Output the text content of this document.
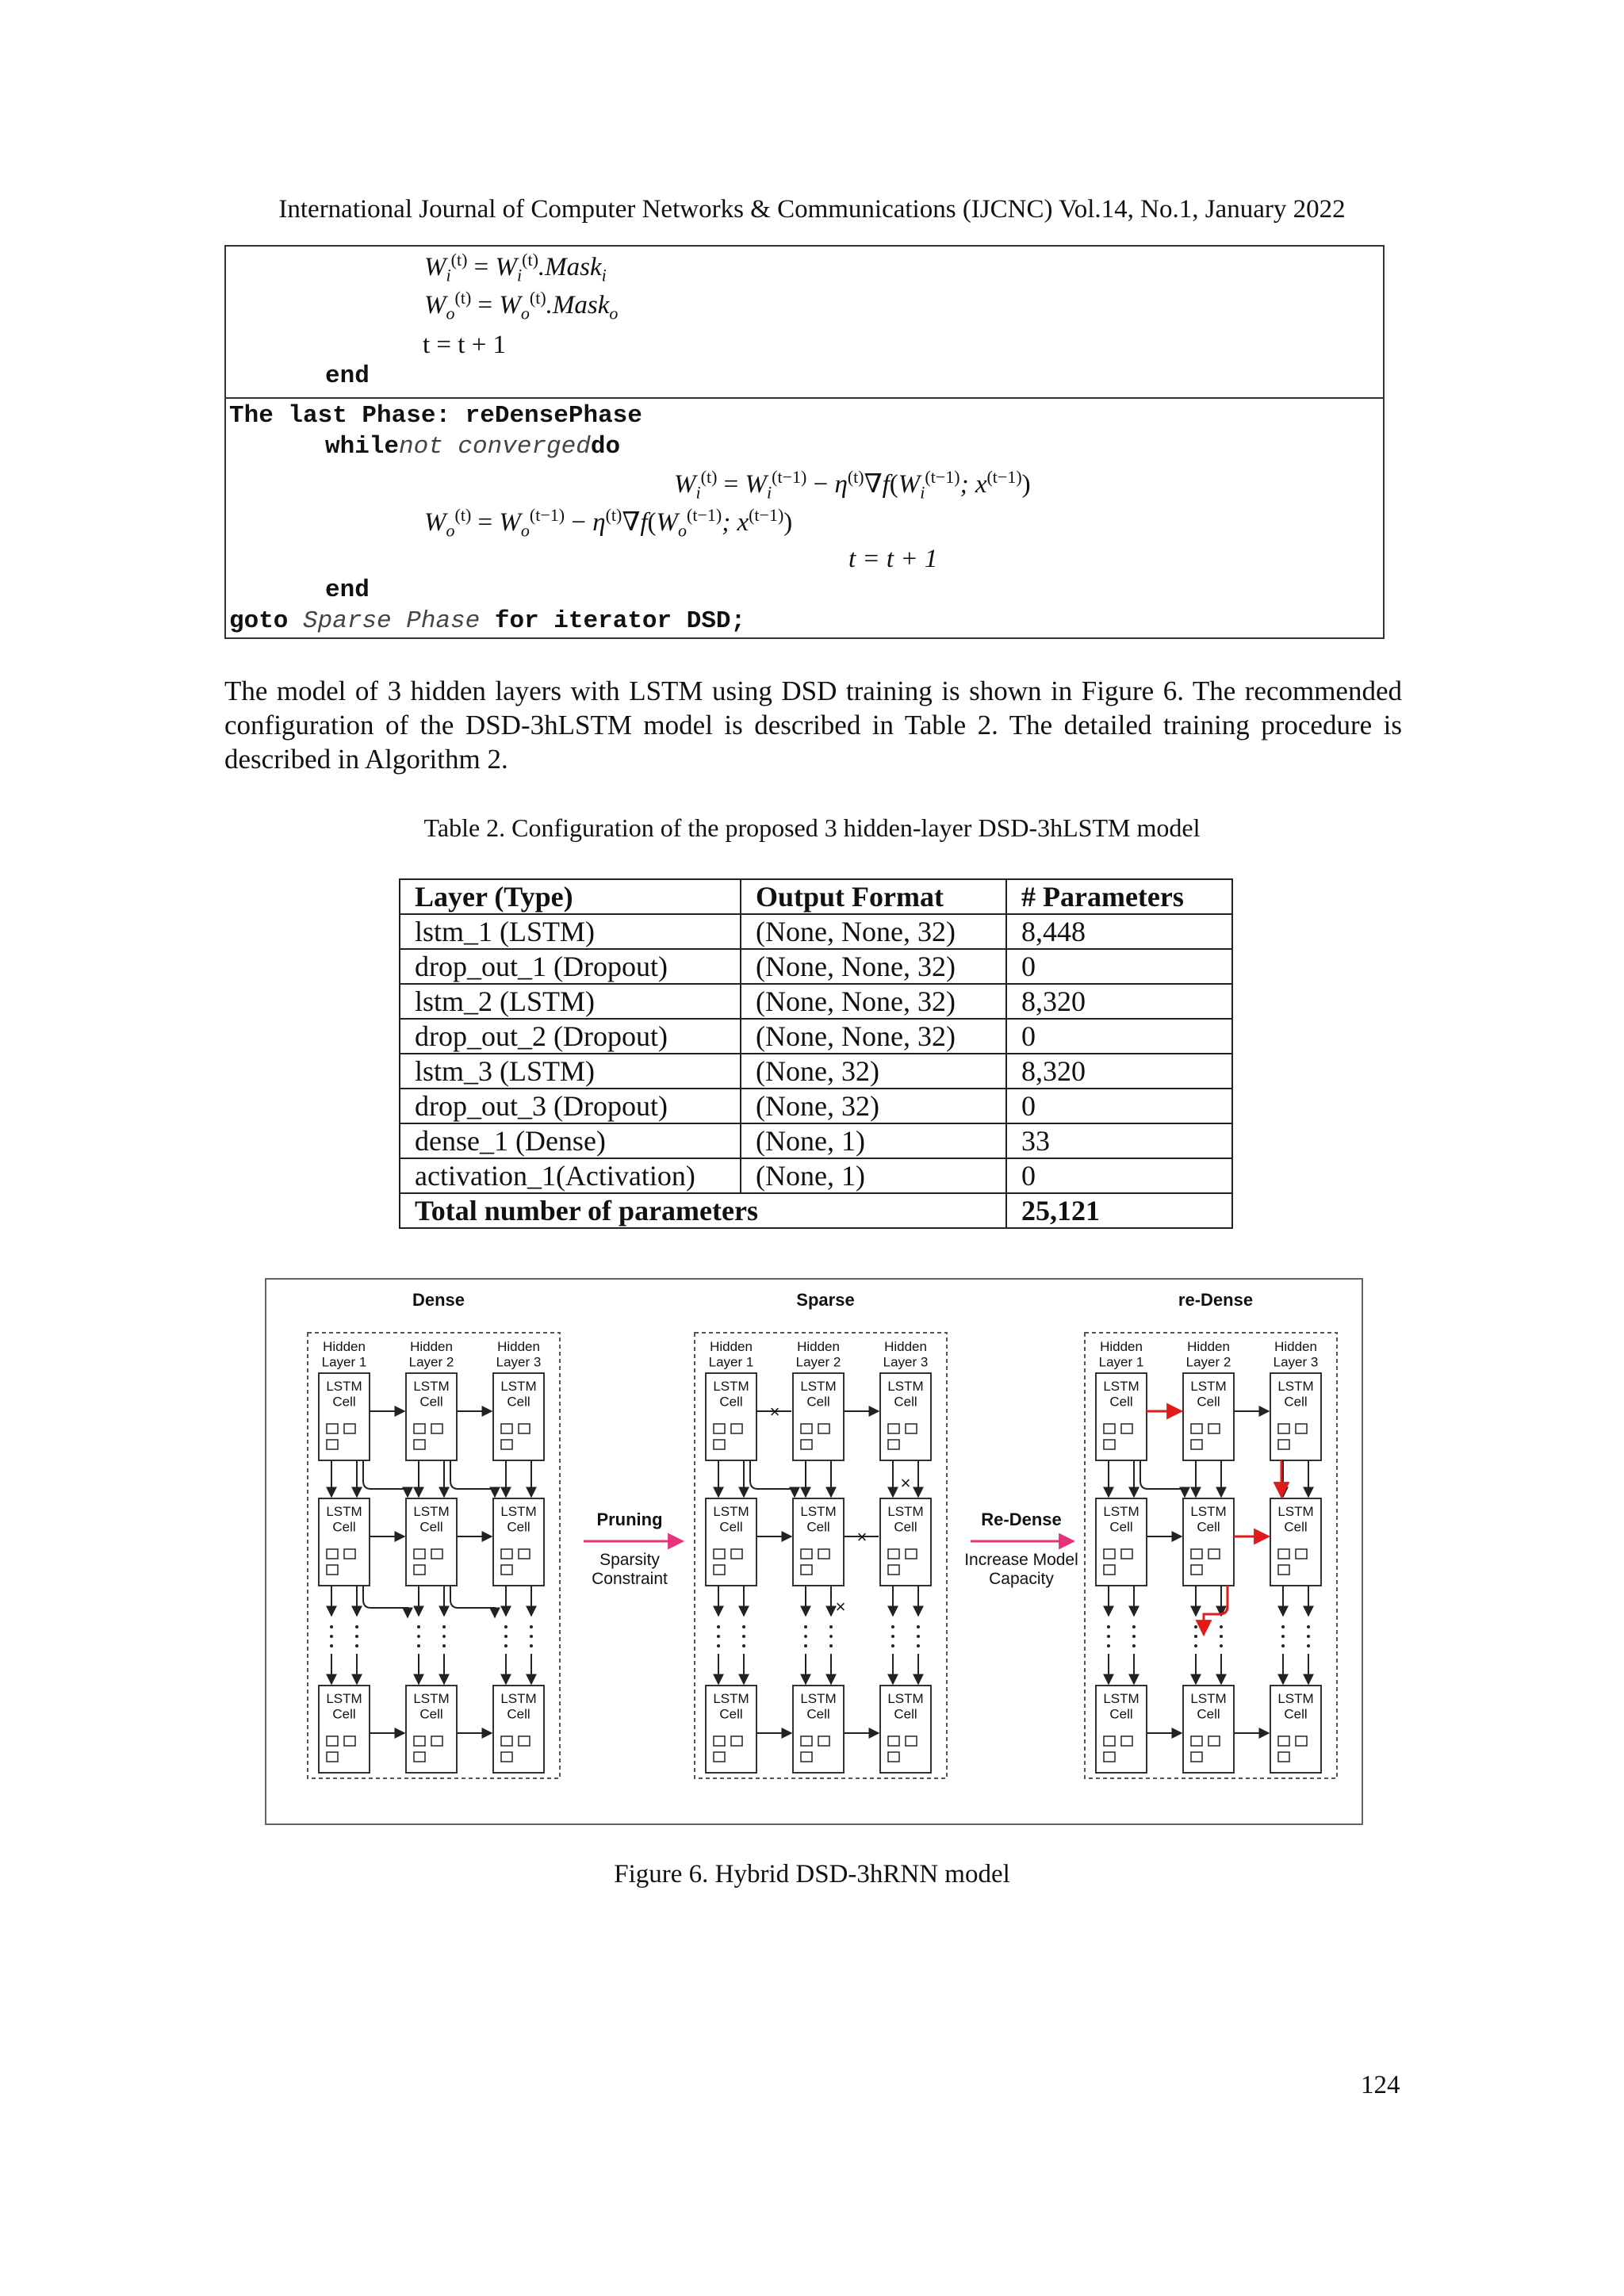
International Journal of Computer Networks & Communications (IJCNC) Vol.14, No.1, January 2022
$W_i^{(t)}$ = $W_i^{(t)}.Mask_i$
$W_o^{(t)}$ = $W_o^{(t)}.Mask_o$
t = t + 1
end
The last Phase: reDensePhase
whilenot convergeddo
$W_i^{(t)} = W_i^{(t-1)} - \eta^{(t)}\nabla f(W_i^{(t-1)}$; $x^{(t-1)}$)
$W_o^{(t)} = W_o^{(t-1)} - \eta^{(t)}\nabla f(W_o^{(t-1)}$; $x^{(t-1)}$)
t = t + 1
end
goto Sparse Phase for iterator DSD;
The model of 3 hidden layers with LSTM using DSD training is shown in Figure 6. The recommended configuration of the DSD-3hLSTM model is described in Table 2. The detailed training procedure is described in Algorithm 2.
Table 2. Configuration of the proposed 3 hidden-layer DSD-3hLSTM model
Layer (Type)	Output Format	# Parameters
lstm_1 (LSTM)	(None, None, 32)	8,448
drop_out_1 (Dropout)	(None, None, 32)	0
lstm_2 (LSTM)	(None, None, 32)	8,320
drop_out_2 (Dropout)	(None, None, 32)	0
lstm_3 (LSTM)	(None, 32)	8,320
drop_out_3 (Dropout)	(None, 32)	0
dense_1 (Dense)	(None, 1)	33
activation_1(Activation)	(None, 1)	0
Total number of parameters		25,121
Dense
Hidden
Layer 1
LSTM
Cell
LSTM
Cell
LSTM
Cell
Hidden
Layer 2
LSTM
Cell
LSTM
Cell
LSTM
Cell
Hidden
Layer 3
LSTM
Cell
LSTM
Cell
LSTM
Cell
Sparse
Hidden
Layer 1
LSTM
Cell
LSTM
Cell
LSTM
Cell
Hidden
Layer 2
LSTM
Cell
LSTM
Cell
LSTM
Cell
Hidden
Layer 3
LSTM
Cell
LSTM
Cell
LSTM
Cell
re-Dense
Hidden
Layer 1
LSTM
Cell
LSTM
Cell
LSTM
Cell
Hidden
Layer 2
LSTM
Cell
LSTM
Cell
LSTM
Cell
Hidden
Layer 3
LSTM
Cell
LSTM
Cell
LSTM
Cell
×
×
×
×
Pruning
Sparsity
Constraint
Re-Dense
Increase Model
Capacity
Figure 6. Hybrid DSD-3hRNN model
124
